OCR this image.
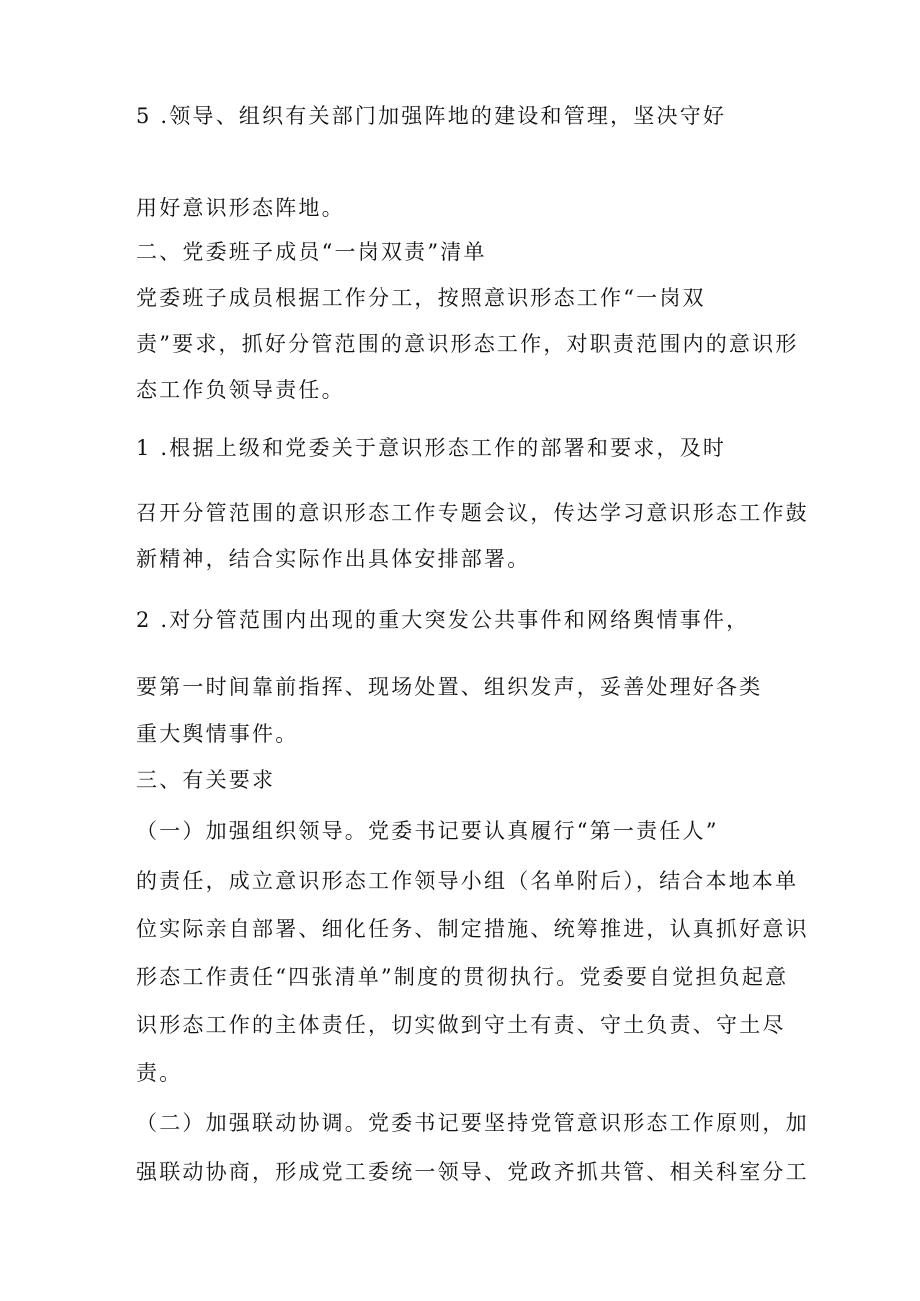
5 .领导、组织有关部门加强阵地的建设和管理，坚决守好
用好意识形态阵地。
二、党委班子成员“一岗双责”清单
党委班子成员根据工作分工，按照意识形态工作“一岗双
责”要求，抓好分管范围的意识形态工作，对职责范围内的意识形
态工作负领导责任。
1 .根据上级和党委关于意识形态工作的部署和要求，及时
召开分管范围的意识形态工作专题会议，传达学习意识形态工作鼓
新精神，结合实际作出具体安排部署。
2 .对分管范围内出现的重大突发公共事件和网络舆情事件，
要第一时间靠前指挥、现场处置、组织发声，妥善处理好各类
重大舆情事件。
三、有关要求
（一）加强组织领导。党委书记要认真履行“第一责任人”
的责任，成立意识形态工作领导小组（名单附后），结合本地本单
位实际亲自部署、细化任务、制定措施、统筹推进，认真抓好意识
形态工作责任“四张清单”制度的贯彻执行。党委要自觉担负起意
识形态工作的主体责任，切实做到守土有责、守土负责、守土尽
责。
（二）加强联动协调。党委书记要坚持党管意识形态工作原则，加
强联动协商，形成党工委统一领导、党政齐抓共管、相关科室分工
